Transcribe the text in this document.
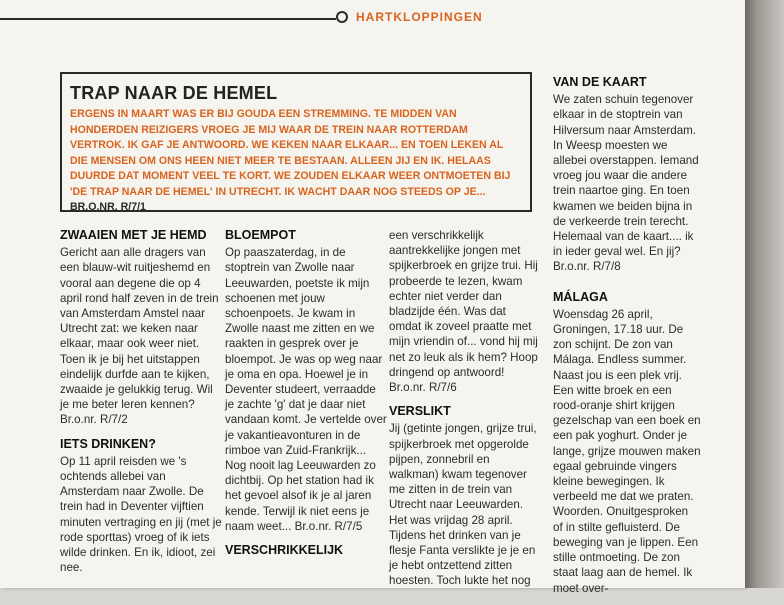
HARTKLOPPINGEN
TRAP NAAR DE HEMEL
ERGENS IN MAART WAS ER BIJ GOUDA EEN STREMMING. TE MIDDEN VAN HONDERDEN REIZIGERS VROEG JE MIJ WAAR DE TREIN NAAR ROTTERDAM VERTROK. IK GAF JE ANTWOORD. WE KEKEN NAAR ELKAAR... EN TOEN LEKEN AL DIE MENSEN OM ONS HEEN NIET MEER TE BESTAAN. ALLEEN JIJ EN IK. HELAAS DUURDE DAT MOMENT VEEL TE KORT. WE ZOUDEN ELKAAR WEER ONTMOETEN BIJ 'DE TRAP NAAR DE HEMEL' IN UTRECHT. IK WACHT DAAR NOG STEEDS OP JE... BR.O.NR. R/7/1
ZWAAIEN MET JE HEMD

Gericht aan alle dragers van een blauw-wit ruitjeshemd en vooral aan degene die op 4 april rond half zeven in de trein van Amsterdam Amstel naar Utrecht zat: we keken naar elkaar, maar ook weer niet. Toen ik je bij het uitstappen eindelijk durfde aan te kijken, zwaaide je gelukkig terug. Wil je me beter leren kennen? Br.o.nr. R/7/2

IETS DRINKEN?

Op 11 april reisden we 's ochtends allebei van Amsterdam naar Zwolle. De trein had in Deventer vijftien minuten vertraging en jij (met je rode sporttas) vroeg of ik iets wilde drinken. En ik, idioot, zei nee.

BLOEMPOT

Op paaszaterdag, in de stoptrein van Zwolle naar Leeuwarden, poetste ik mijn schoenen met jouw schoenpoets. Je kwam in Zwolle naast me zitten en we raakten in gesprek over je bloempot. Je was op weg naar je oma en opa. Hoewel je in Deventer studeert, verraadde je zachte 'g' dat je daar niet vandaan komt. Je vertelde over je vakantieavonturen in de rimboe van Zuid-Frankrijk... Nog nooit lag Leeuwarden zo dichtbij. Op het station had ik het gevoel alsof ik je al jaren kende. Terwijl ik niet eens je naam weet... Br.o.nr. R/7/5

VERSCHRIKKELIJK

een verschrikkelijk aantrekkelijke jongen met spijkerbroek en grijze trui. Hij probeerde te lezen, kwam echter niet verder dan bladzijde één. Was dat omdat ik zoveel praatte met mijn vriendin of... vond hij mij net zo leuk als ik hem? Hoop dringend op antwoord! Br.o.nr. R/7/6

VERSLIKT

Jij (getinte jongen, grijze trui, spijkerbroek met opgerolde pijpen, zonnebril en walkman) kwam tegenover me zitten in de trein van Utrecht naar Leeuwarden. Het was vrijdag 28 april. Tijdens het drinken van je flesje Fanta verslikte je je en je hebt ontzettend zitten hoesten. Toch lukte het nog

VAN DE KAART

We zaten schuin tegenover elkaar in de stoptrein van Hilversum naar Amsterdam. In Weesp moesten we allebei overstappen. Iemand vroeg jou waar die andere trein naartoe ging. En toen kwamen we beiden bijna in de verkeerde trein terecht. Helemaal van de kaart.... ik in ieder geval wel. En jij? Br.o.nr. R/7/8

MÁLAGA

Woensdag 26 april, Groningen, 17.18 uur. De zon schijnt. De zon van Málaga. Endless summer. Naast jou is een plek vrij. Een witte broek en een rood-oranje shirt krijgen gezelschap van een boek en een pak yoghurt. Onder je lange, grijze mouwen maken egaal gebruinde vingers kleine bewegingen. Ik verbeeld me dat we praten. Woorden. Onuitgesproken of in stilte gefluisterd. De beweging van je lippen. Een stille ontmoeting. De zon staat laag aan de hemel. Ik moet over-
